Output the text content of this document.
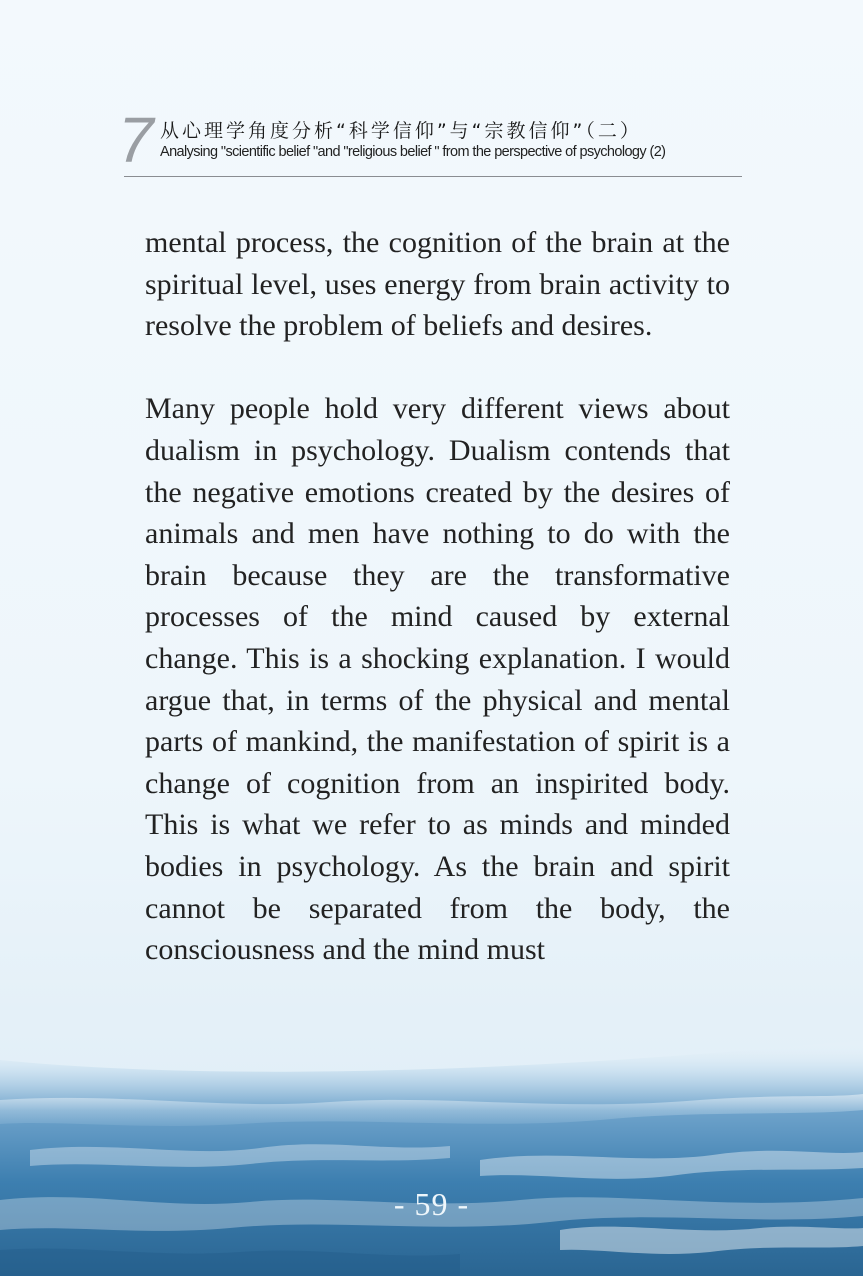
7 从心理学角度分析“科学信仰”与“宗教信仰”（二）
Analysing "scientific belief "and "religious belief " from the perspective of psychology (2)

mental process, the cognition of the brain at the spiritual level, uses energy from brain activity to resolve the problem of beliefs and desires.

Many people hold very different views about dualism in psychology. Dualism contends that the negative emotions created by the desires of animals and men have nothing to do with the brain because they are the transformative processes of the mind caused by external change. This is a shocking explanation. I would argue that, in terms of the physical and mental parts of mankind, the manifestation of spirit is a change of cognition from an inspirited body. This is what we refer to as minds and minded bodies in psychology. As the brain and spirit cannot be separated from the body, the consciousness and the mind must

- 59 -
